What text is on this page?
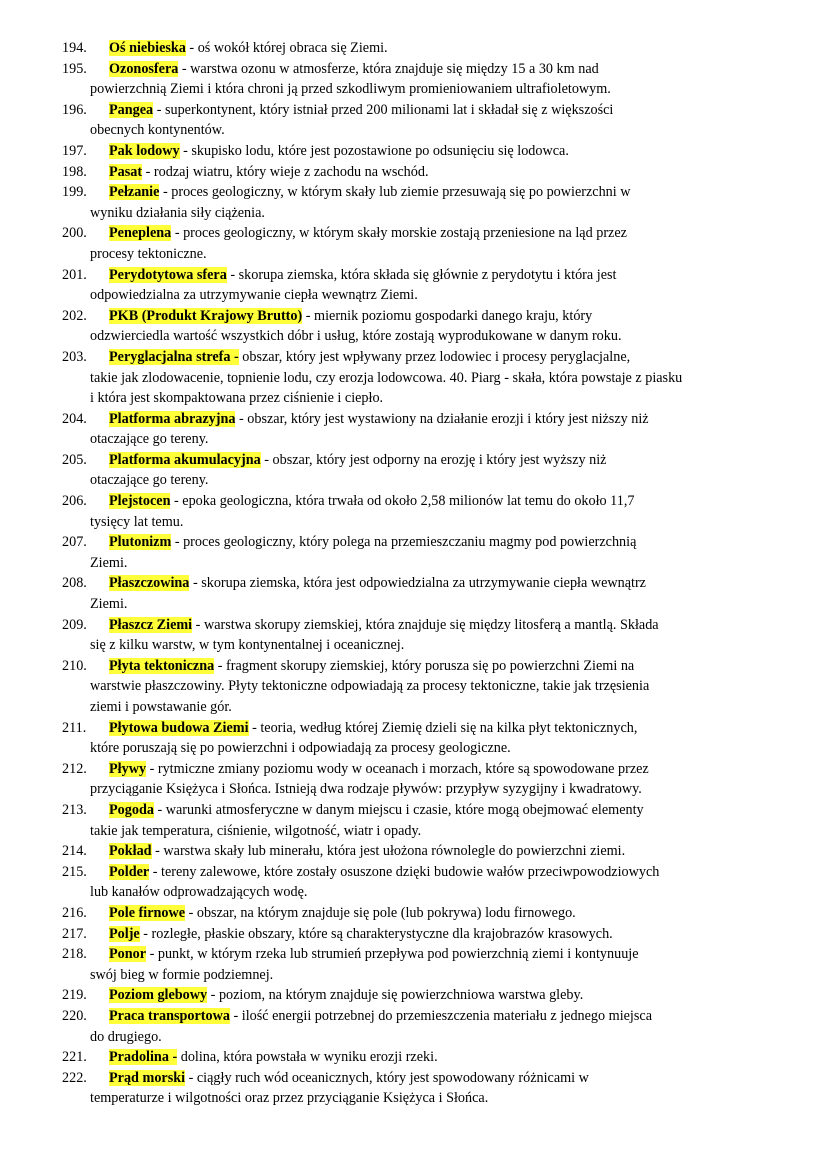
194.	Oś niebieska - oś wokół której obraca się Ziemi.
195.	Ozonosfera - warstwa ozonu w atmosferze, która znajduje się między 15 a 30 km nad
powierzchnią Ziemi i która chroni ją przed szkodliwym promieniowaniem ultrafioletowym.
196.	Pangea - superkontynent, który istniał przed 200 milionami lat i składał się z większości
obecnych kontynentów.
197.	Pak lodowy - skupisko lodu, które jest pozostawione po odsunięciu się lodowca.
198.	Pasat - rodzaj wiatru, który wieje z zachodu na wschód.
199.	Pełzanie - proces geologiczny, w którym skały lub ziemie przesuwają się po powierzchni w
wyniku działania siły ciążenia.
200.	Peneplena - proces geologiczny, w którym skały morskie zostają przeniesione na ląd przez
procesy tektoniczne.
201.	Perydotytowa sfera - skorupa ziemska, która składa się głównie z perydotytu i która jest
odpowiedzialna za utrzymywanie ciepła wewnątrz Ziemi.
202.	PKB (Produkt Krajowy Brutto) - miernik poziomu gospodarki danego kraju, który
odzwierciedla wartość wszystkich dóbr i usług, które zostają wyprodukowane w danym roku.
203.	Peryglacjalna strefa - obszar, który jest wpływany przez lodowiec i procesy peryglacjalne,
takie jak zlodowacenie, topnienie lodu, czy erozja lodowcowa. 40. Piarg - skała, która powstaje z piasku
i która jest skompaktowana przez ciśnienie i ciepło.
204.	Platforma abrazyjna - obszar, który jest wystawiony na działanie erozji i który jest niższy niż
otaczające go tereny.
205.	Platforma akumulacyjna - obszar, który jest odporny na erozję i który jest wyższy niż
otaczające go tereny.
206.	Plejstocen - epoka geologiczna, która trwała od około 2,58 milionów lat temu do około 11,7
tysięcy lat temu.
207.	Plutonizm - proces geologiczny, który polega na przemieszczaniu magmy pod powierzchnią
Ziemi.
208.	Płaszczowina - skorupa ziemska, która jest odpowiedzialna za utrzymywanie ciepła wewnątrz
Ziemi.
209.	Płaszcz Ziemi - warstwa skorupy ziemskiej, która znajduje się między litosferą a mantlą. Składa
się z kilku warstw, w tym kontynentalnej i oceanicznej.
210.	Płyta tektoniczna - fragment skorupy ziemskiej, który porusza się po powierzchni Ziemi na
warstwie płaszczowiny. Płyty tektoniczne odpowiadają za procesy tektoniczne, takie jak trzęsienia
ziemi i powstawanie gór.
211.	Płytowa budowa Ziemi - teoria, według której Ziemię dzieli się na kilka płyt tektonicznych,
które poruszają się po powierzchni i odpowiadają za procesy geologiczne.
212.	Pływy - rytmiczne zmiany poziomu wody w oceanach i morzach, które są spowodowane przez
przyciąganie Księżyca i Słońca. Istnieją dwa rodzaje pływów: przypływ syzygijny i kwadratowy.
213.	Pogoda - warunki atmosferyczne w danym miejscu i czasie, które mogą obejmować elementy
takie jak temperatura, ciśnienie, wilgotność, wiatr i opady.
214.	Pokład - warstwa skały lub minerału, która jest ułożona równolegle do powierzchni ziemi.
215.	Polder - tereny zalewowe, które zostały osuszone dzięki budowie wałów przeciwpowodziowych
lub kanałów odprowadzających wodę.
216.	Pole firnowe - obszar, na którym znajduje się pole (lub pokrywa) lodu firnowego.
217.	Polje - rozległe, płaskie obszary, które są charakterystyczne dla krajobrazów krasowych.
218.	Ponor - punkt, w którym rzeka lub strumień przepływa pod powierzchnią ziemi i kontynuuje
swój bieg w formie podziemnej.
219.	Poziom glebowy - poziom, na którym znajduje się powierzchniowa warstwa gleby.
220.	Praca transportowa - ilość energii potrzebnej do przemieszczenia materiału z jednego miejsca
do drugiego.
221.	Pradolina - dolina, która powstała w wyniku erozji rzeki.
222.	Prąd morski - ciągły ruch wód oceanicznych, który jest spowodowany różnicami w
temperaturze i wilgotności oraz przez przyciąganie Księżyca i Słońca.
